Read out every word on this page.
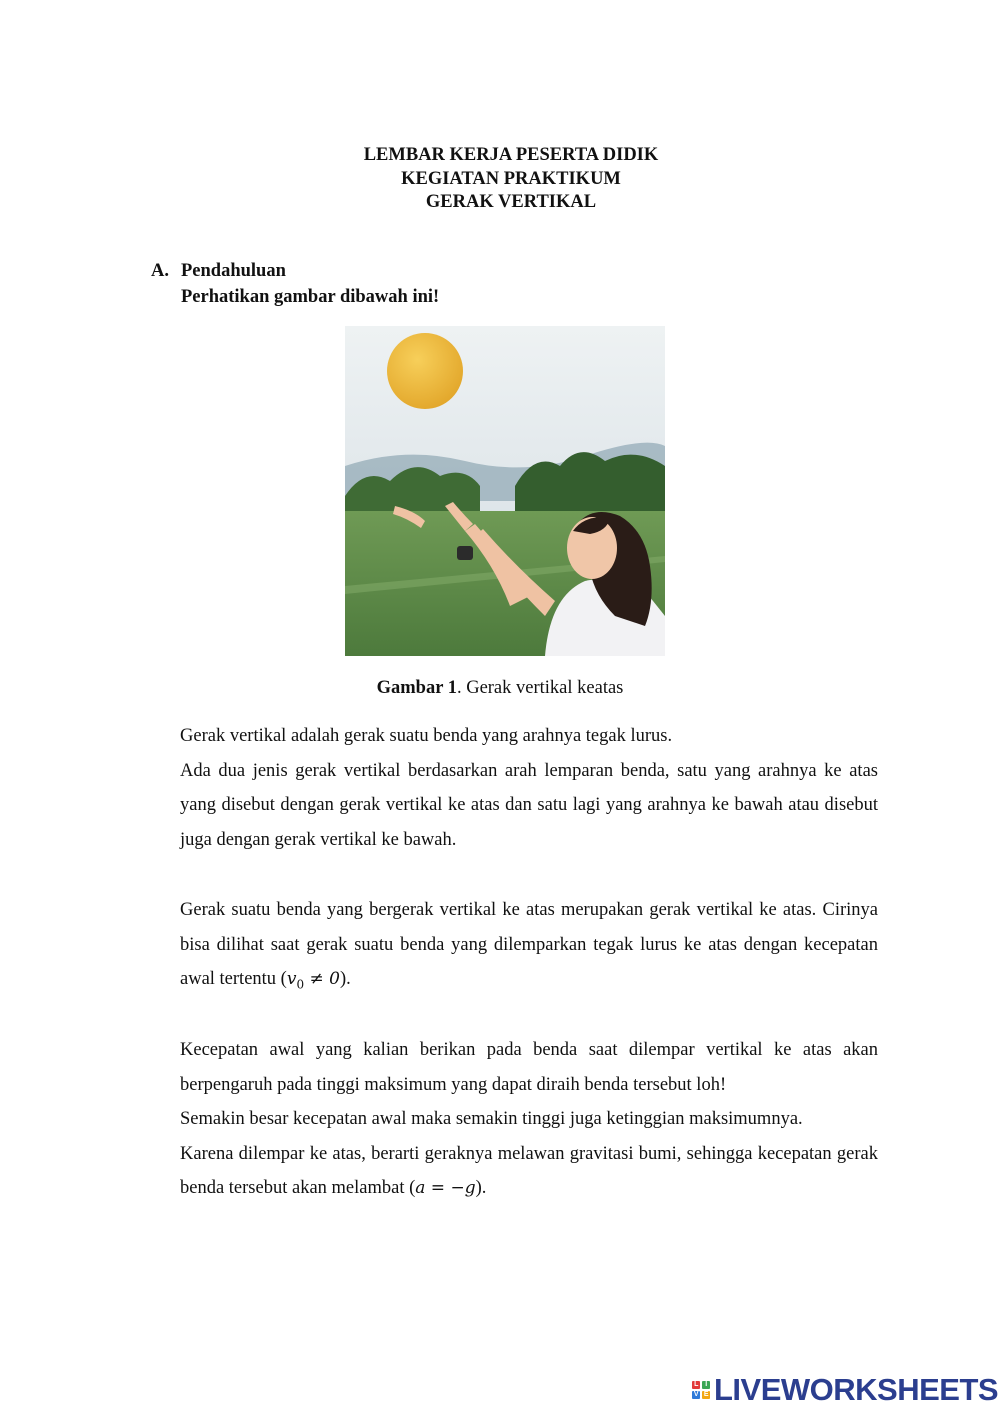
LEMBAR KERJA PESERTA DIDIK

KEGIATAN PRAKTIKUM

GERAK VERTIKAL

A. Pendahuluan
Perhatikan gambar dibawah ini!
Gambar 1. Gerak vertikal keatas

Gerak vertikal adalah gerak suatu benda yang arahnya tegak lurus.

Ada dua jenis gerak vertikal berdasarkan arah lemparan benda, satu yang arahnya ke atas yang disebut dengan gerak vertikal ke atas dan satu lagi yang arahnya ke bawah atau disebut juga dengan gerak vertikal ke bawah.

Gerak suatu benda yang bergerak vertikal ke atas merupakan gerak vertikal ke atas. Cirinya bisa dilihat saat gerak suatu benda yang dilemparkan tegak lurus ke atas dengan kecepatan awal tertentu $(v_0 \ne 0)$.

Kecepatan awal yang kalian berikan pada benda saat dilempar vertikal ke atas akan berpengaruh pada tinggi maksimum yang dapat diraih benda tersebut loh!

Semakin besar kecepatan awal maka semakin tinggi juga ketinggian maksimumnya.

Karena dilempar ke atas, berarti geraknya melawan gravitasi bumi, sehingga kecepatan gerak benda tersebut akan melambat (a = −g).

L	I
V E LIVEWORKSHEETS
